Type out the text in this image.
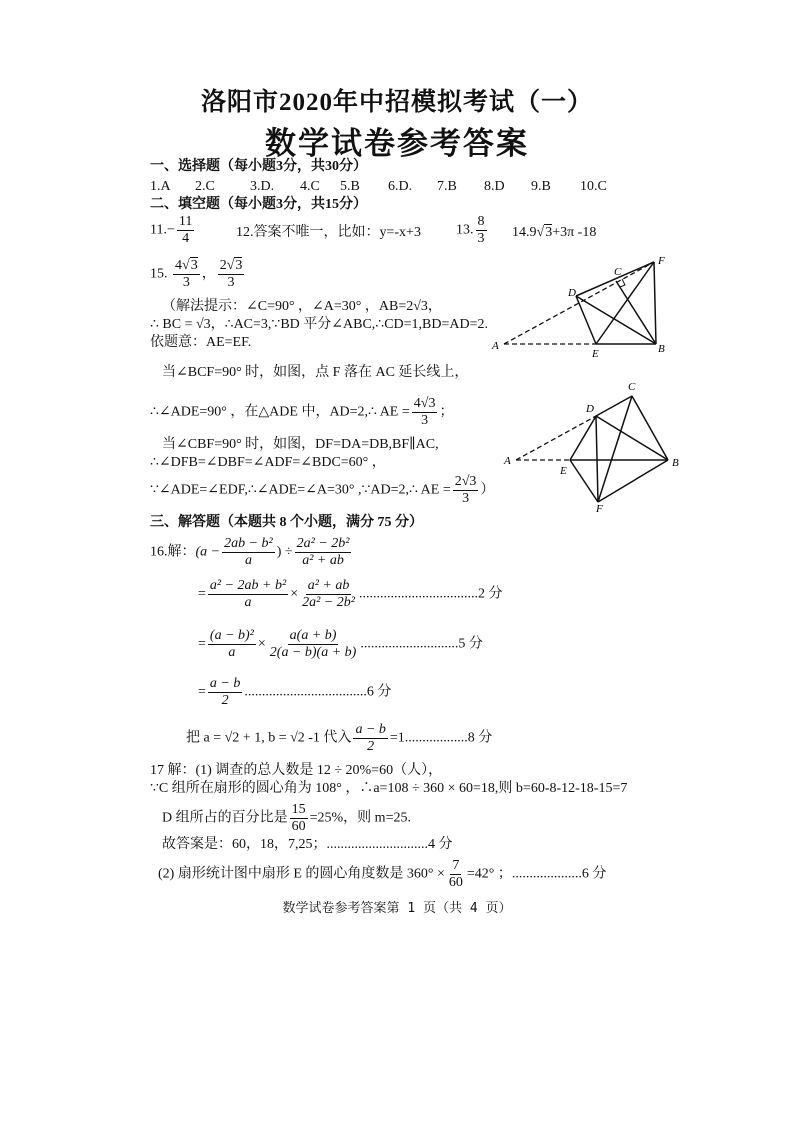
洛阳市2020年中招模拟考试（一）
数学试卷参考答案
一、选择题（每小题3分，共30分）
1.A 2.C	3.D. 4.C 5.B 6.D. 7.B 8.D 9.B 10.C
二、填空题（每小题3分，共15分）
$11.- \frac{11}{4}$	12.答案不唯一，比如：y=-x+3	13. $\frac{8}{3} 14.9√$ 3+3π -18
15. $\frac{4√ 3}{3}$ ， $\frac{2√ 3}{3}$
（解法提示：∠C=90° ，∠A=30° ，AB=2√3，
∴ BC = √3，∴AC=3,∵BD 平分∠ABC,∴CD=1,BD=AD=2.
依题意：AE=EF.
当∠BCF=90° 时，如图，点 F 落在 AC 延长线上，
∴∠ADE=90° ，在△ADE 中，AD=2,∴ AE = $\frac{4√3}{3}$ ；
当∠CBF=90° 时，如图，DF=DA=DB,BF∥AC,
∴∠DFB=∠DBF=∠ADF=∠BDC=60° ，
∵∠ADE=∠EDF,∴∠ADE=∠A=30° ,∵AD=2,∴ AE = $\frac{2√3}{3}$ ）
A
E	B
D
C
F
A
E
B
D
C
F
三、解答题（本题共 8 个小题，满分 75 分）
16.解：($a - \frac{\text{2ab − b²}}{a}$ ) ÷ $\frac{\text{2a² − 2b²}}{\text{a² + ab}}$
= $\frac{\text{a² − 2ab + b²}}{a} \times \frac{\text{a² + ab}}{\text{2a² − 2b²}} ..................................2$ 分
= $\frac{\text{(a − b)²}}{a} \times \frac{a(a + b)}{2(a - b)(a + b)} ............................5$ 分
= $\frac{a - b}{2} ...................................6$ 分
把 a = √2 + 1, b = √2 -1 代入 $\frac{a - b}{2} =1..................8$ 分
17 解：(1) 调查的总人数是 12 ÷ 20%=60（人），
∵C 组所在扇形的圆心角为 108° ，∴a=108 ÷ 360 × 60=18,则 b=60-8-12-18-15=7
D 组所占的百分比是 $\frac{15}{60} =25\%$，则 m=25.
故答案是：60，18，7,25；.............................4 分
(2) 扇形统计图中扇形 E 的圆心角度数是 $360^\circ \times \frac{7}{60} =42^\circ$ ；....................6 分
数学试卷参考答案第 1 页（共 4 页）
